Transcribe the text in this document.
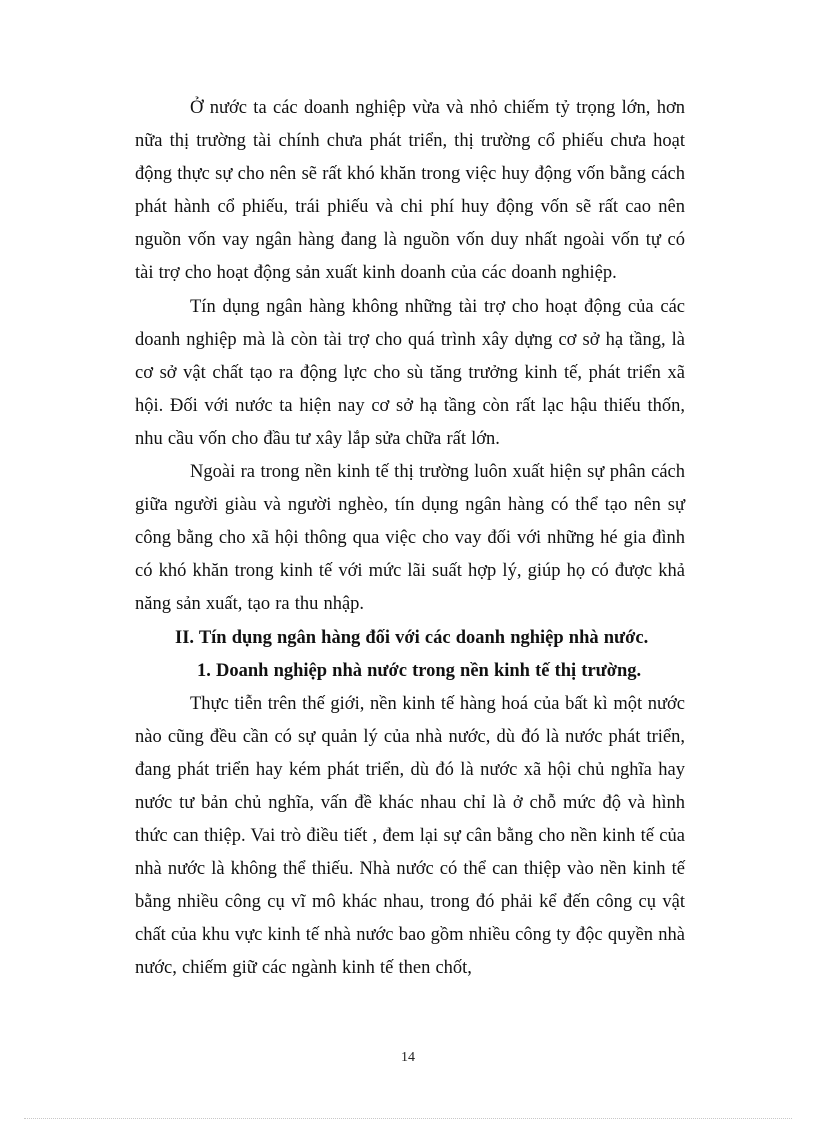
Ở nước ta các doanh nghiệp vừa và nhỏ chiếm tỷ trọng lớn, hơn nữa thị trường tài chính chưa phát triển, thị trường cổ phiếu chưa hoạt động thực sự cho nên sẽ rất khó khăn trong việc huy động vốn bằng cách phát hành cổ phiếu, trái phiếu và chi phí huy động vốn sẽ rất cao nên nguồn vốn vay ngân hàng đang là nguồn vốn duy nhất ngoài vốn tự có tài trợ cho hoạt động sản xuất kinh doanh của các doanh nghiệp.

Tín dụng ngân hàng không những tài trợ cho hoạt động của các doanh nghiệp mà là còn tài trợ cho quá trình xây dựng cơ sở hạ tầng, là cơ sở vật chất tạo ra động lực cho sù tăng trưởng kinh tế, phát triển xã hội. Đối với nước ta hiện nay cơ sở hạ tầng còn rất lạc hậu thiếu thốn, nhu cầu vốn cho đầu tư xây lắp sửa chữa rất lớn.

Ngoài ra trong nền kinh tế thị trường luôn xuất hiện sự phân cách giữa người giàu và người nghèo, tín dụng ngân hàng có thể tạo nên sự công bằng cho xã hội thông qua việc cho vay đối với những hé gia đình có khó khăn trong kinh tế với mức lãi suất hợp lý, giúp họ có được khả năng sản xuất, tạo ra thu nhập.

II. Tín dụng ngân hàng đối với các doanh nghiệp nhà nước.

1. Doanh nghiệp nhà nước trong nền kinh tế thị trường.

Thực tiễn trên thế giới, nền kinh tế hàng hoá của bất kì một nước nào cũng đều cần có sự quản lý của nhà nước, dù đó là nước phát triển, đang phát triển hay kém phát triển, dù đó là nước xã hội chủ nghĩa hay nước tư bản chủ nghĩa, vấn đề khác nhau chỉ là ở chỗ mức độ và hình thức can thiệp. Vai trò điều tiết , đem lại sự cân bằng cho nền kinh tế của nhà nước là không thể thiếu. Nhà nước có thể can thiệp vào nền kinh tế bằng nhiều công cụ vĩ mô khác nhau, trong đó phải kể đến công cụ vật chất của khu vực kinh tế nhà nước bao gồm nhiều công ty độc quyền nhà nước, chiếm giữ các ngành kinh tế then chốt,

14
